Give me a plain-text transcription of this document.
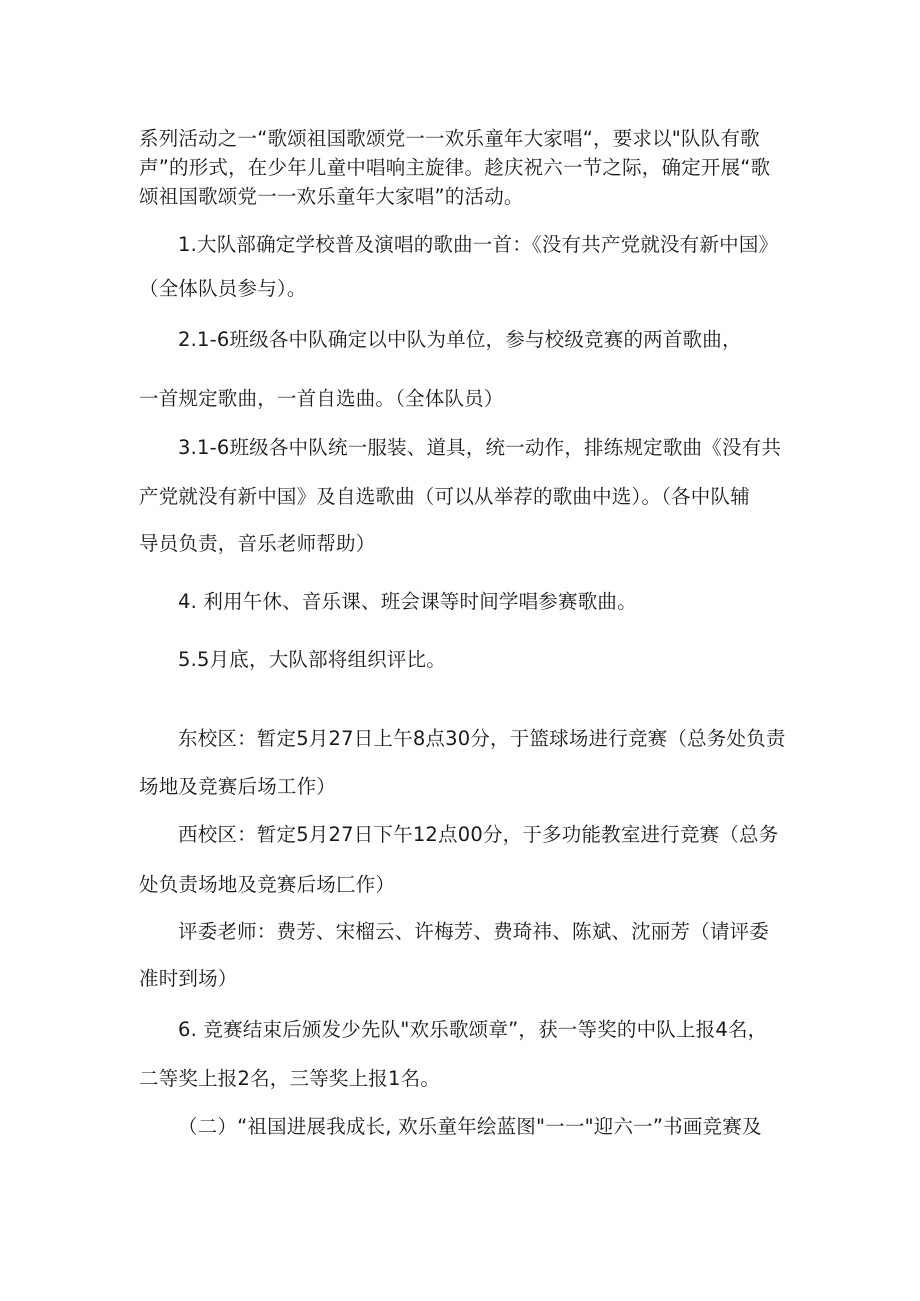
系列活动之一“歌颂祖国歌颂党一一欢乐童年大家唱“，要求以"队队有歌
声”的形式，在少年儿童中唱响主旋律。趁庆祝六一节之际，确定开展“歌
颂祖国歌颂党一一欢乐童年大家唱”的活动。
1.大队部确定学校普及演唱的歌曲一首：《没有共产党就没有新中国》
（全体队员参与）。
2.1-6班级各中队确定以中队为单位，参与校级竞赛的两首歌曲，
一首规定歌曲，一首自选曲。（全体队员）
3.1-6班级各中队统一服装、道具，统一动作，排练规定歌曲《没有共
产党就没有新中国》及自选歌曲（可以从举荐的歌曲中选）。（各中队辅
导员负责，音乐老师帮助）
4. 利用午休、音乐课、班会课等时间学唱参赛歌曲。
5.5月底，大队部将组织评比。
东校区：暂定5月27日上午8点30分，于篮球场进行竞赛（总务处负责
场地及竞赛后场工作）
西校区：暂定5月27日下午12点00分，于多功能教室进行竞赛（总务
处负责场地及竞赛后场匚作）
评委老师：费芳、宋榴云、许梅芳、费琦祎、陈斌、沈丽芳（请评委
准时到场）
6. 竞赛结束后颁发少先队"欢乐歌颂章”，获一等奖的中队上报4名，
二等奖上报2名，三等奖上报1名。
（二）“祖国进展我成长, 欢乐童年绘蓝图"一一"迎六一”书画竞赛及
